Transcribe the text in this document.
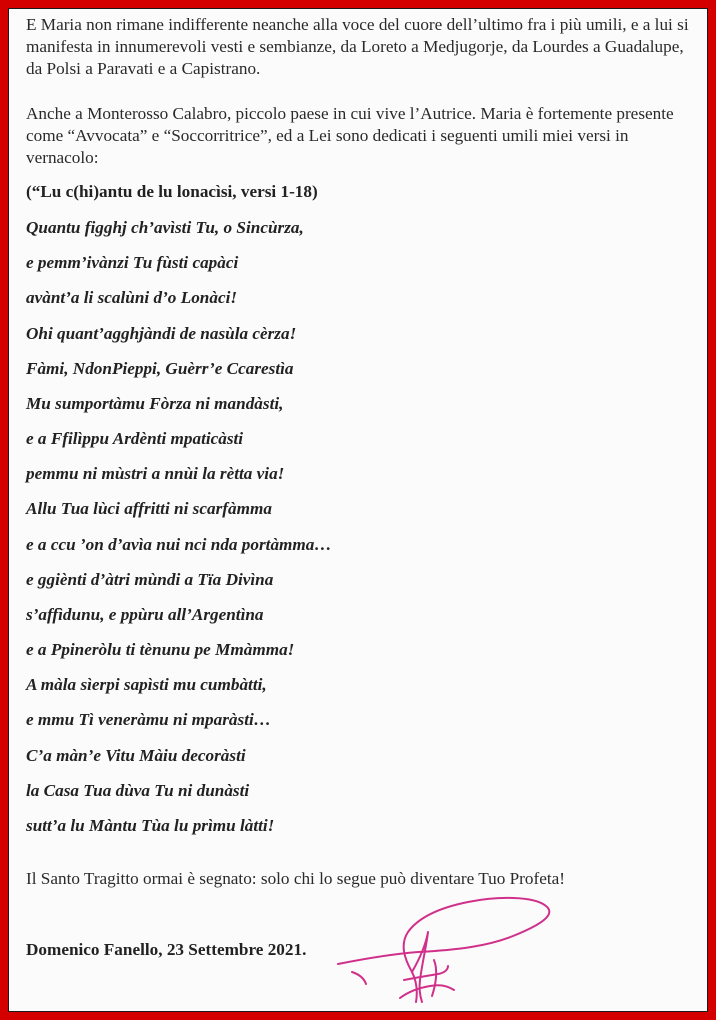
E Maria non rimane indifferente neanche alla voce del cuore dell’ultimo fra i più umili, e a lui si manifesta in innumerevoli vesti e sembianze, da Loreto a Medjugorje, da Lourdes a Guadalupe, da Polsi a Paravati e a Capistrano.

Anche a Monterosso Calabro, piccolo paese in cui vive l’Autrice. Maria è fortemente presente come “Avvocata” e “Soccorritrice”, ed a Lei sono dedicati i seguenti umili miei versi in vernacolo:

(“Lu c(hi)antu de lu lonacìsi, versi 1-18)
Quantu figghj ch’avìsti Tu, o Sincùrza,
e pemm’ivànzi Tu fùsti capàci
avànt’a li scalùni d’o Lonàci!
Ohi quant’agghjàndi de nasùla cèrza!
Fàmi, NdonPieppi, Guèrr’e Ccarestìa
Mu sumportàmu Fòrza ni mandàsti,
e a Ffilìppu Ardènti mpaticàsti
pemmu ni mùstri a nnùi la rètta via!
Allu Tua lùci affritti ni scarfàmma
e a ccu ’on d’avìa nui nci nda portàmma…
e ggiènti d’àtri mùndi a Tïa Divìna
s’affìdunu, e ppùru all’Argentìna
e a Ppineròlu ti tènunu pe Mmàmma!
A màla sìerpi sapìsti mu cumbàtti,
e mmu Tì veneràmu ni mparàsti…
C’a màn’e Vitu Màiu decoràsti
la Casa Tua dùva Tu ni dunàsti
sutt’a lu Màntu Tùa lu prìmu làtti!
Il Santo Tragitto ormai è segnato: solo chi lo segue può diventare Tuo Profeta!
Domenico Fanello, 23 Settembre 2021.
